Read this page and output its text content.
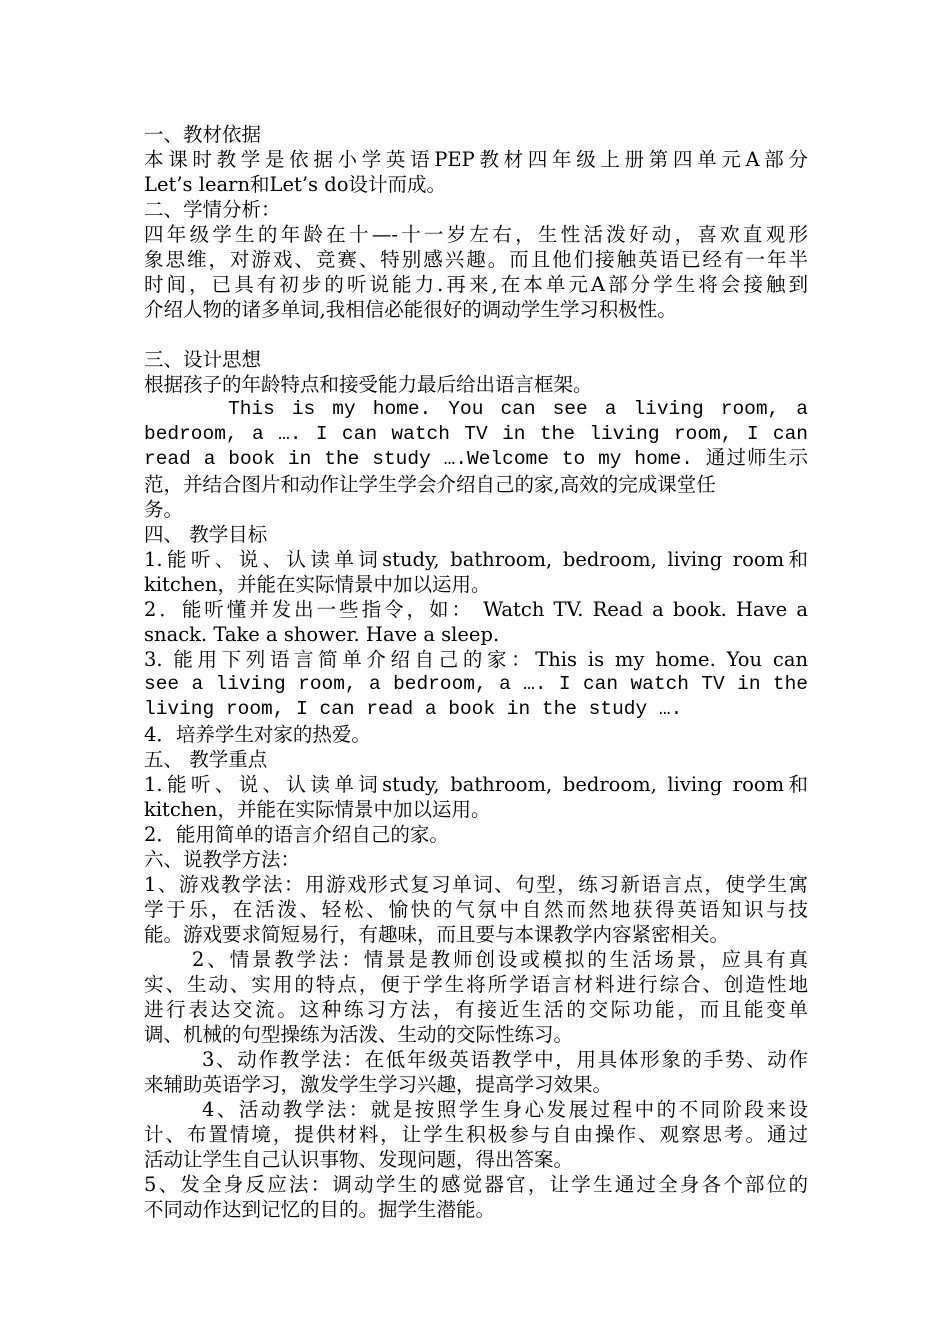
一、教材依据
本课时教学是依据小学英语PEP教材四年级上册第四单元A部分
Let’s learn和Let’s do设计而成。
二、学情分析：
四年级学生的年龄在十—-十一岁左右，生性活泼好动，喜欢直观形
象思维，对游戏、竞赛、特别感兴趣。而且他们接触英语已经有一年半
时间，已具有初步的听说能力.再来,在本单元A部分学生将会接触到
介绍人物的诸多单词,我相信必能很好的调动学生学习积极性。
三、设计思想
根据孩子的年龄特点和接受能力最后给出语言框架。
This is my home. You can see a living room, a
bedroom, a …. I can watch TV in the living room, I can
read a book in the study ….Welcome to my home. 通过师生示
范，并结合图片和动作让学生学会介绍自己的家,高效的完成课堂任
务。
四、 教学目标
1.能听、说、认读单词study, bathroom, bedroom, living room和
kitchen，并能在实际情景中加以运用。
2．能听懂并发出一些指令，如： Watch TV. Read a book. Have a
snack. Take a shower. Have a sleep.
3. 能用下列语言简单介绍自己的家：This is my home. You can
see a living room, a bedroom, a …. I can watch TV in the
living room, I can read a book in the study ….
4．培养学生对家的热爱。
五、 教学重点
1.能听、说、认读单词study, bathroom, bedroom, living room和
kitchen，并能在实际情景中加以运用。
2．能用简单的语言介绍自己的家。
六、说教学方法：
1、游戏教学法：用游戏形式复习单词、句型，练习新语言点，使学生寓
学于乐，在活泼、轻松、愉快的气氛中自然而然地获得英语知识与技
能。游戏要求简短易行，有趣味，而且要与本课教学内容紧密相关。
2、情景教学法：情景是教师创设或模拟的生活场景，应具有真
实、生动、实用的特点，便于学生将所学语言材料进行综合、创造性地
进行表达交流。这种练习方法，有接近生活的交际功能，而且能变单
调、机械的句型操练为活泼、生动的交际性练习。
3、动作教学法：在低年级英语教学中，用具体形象的手势、动作
来辅助英语学习，激发学生学习兴趣，提高学习效果。
4、活动教学法：就是按照学生身心发展过程中的不同阶段来设
计、布置情境，提供材料，让学生积极参与自由操作、观察思考。通过
活动让学生自己认识事物、发现问题，得出答案。
5、发全身反应法：调动学生的感觉器官，让学生通过全身各个部位的
不同动作达到记忆的目的。掘学生潜能。
